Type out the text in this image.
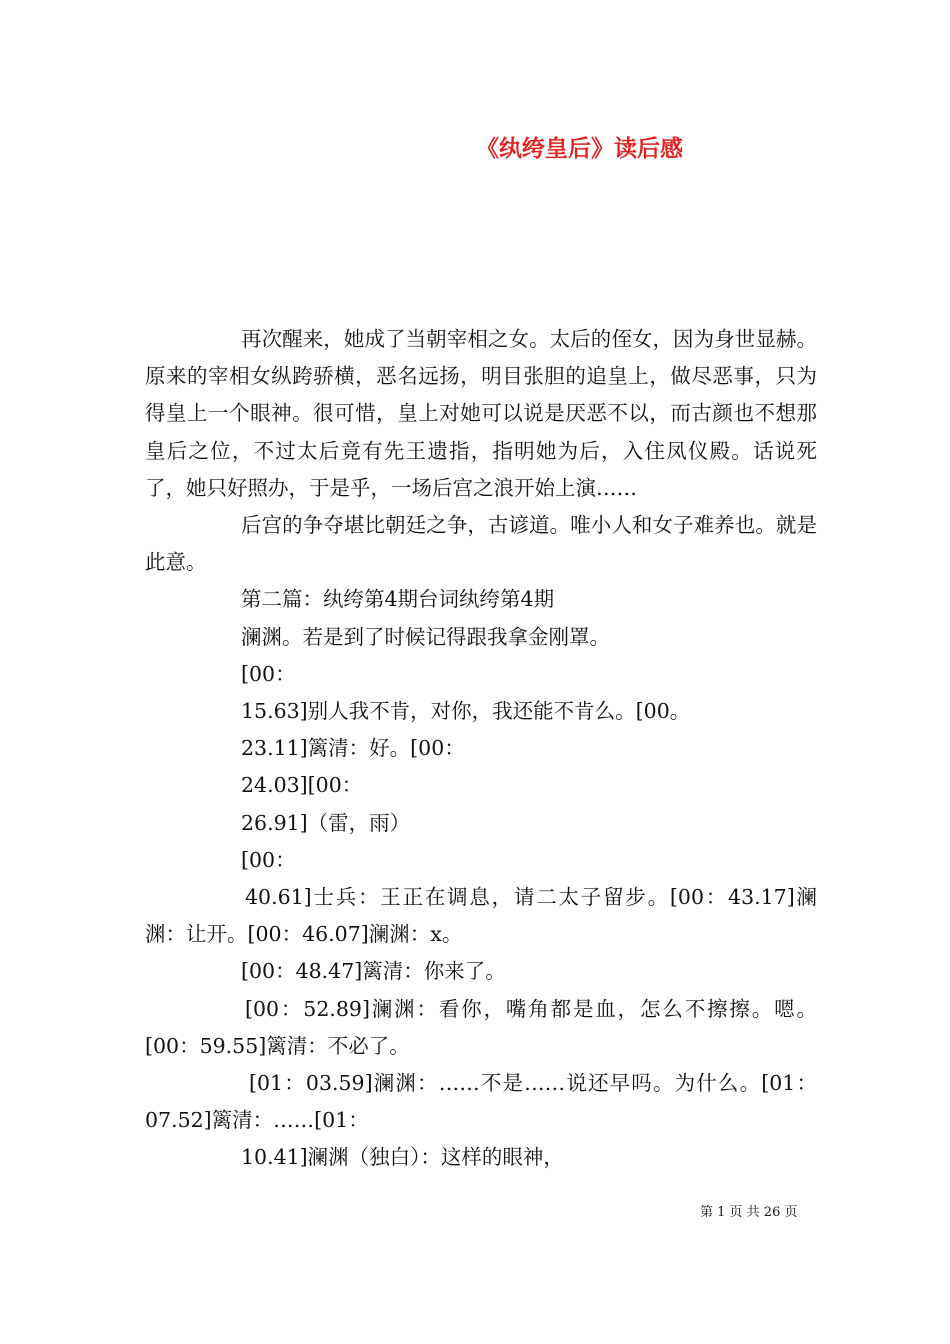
《纨绔皇后》读后感

再次醒来，她成了当朝宰相之女。太后的侄女，因为身世显赫。原来的宰相女纵跨骄横，恶名远扬，明目张胆的追皇上，做尽恶事，只为得皇上一个眼神。很可惜，皇上对她可以说是厌恶不以，而古颜也不想那皇后之位，不过太后竟有先王遗指，指明她为后，入住凤仪殿。话说死了，她只好照办，于是乎，一场后宫之浪开始上演……

后宫的争夺堪比朝廷之争，古谚道。唯小人和女子难养也。就是此意。

第二篇：纨绔第4期台词纨绔第4期

澜渊。若是到了时候记得跟我拿金刚罩。

[00：

15.63]别人我不肯，对你，我还能不肯么。[00。

23.11]篱清：好。[00：

24.03][00：

26.91]（雷，雨）

[00：

40.61]士兵：王正在调息，请二太子留步。[00：43.17]澜渊：让开。[00：46.07]澜渊：x。

[00：48.47]篱清：你来了。

[00：52.89]澜渊：看你，嘴角都是血，怎么不擦擦。嗯。[00：59.55]篱清：不必了。

[01：03.59]澜渊：……不是……说还早吗。为什么。[01：07.52]篱清：……[01：

10.41]澜渊（独白）：这样的眼神，

第 1 页 共 26 页
